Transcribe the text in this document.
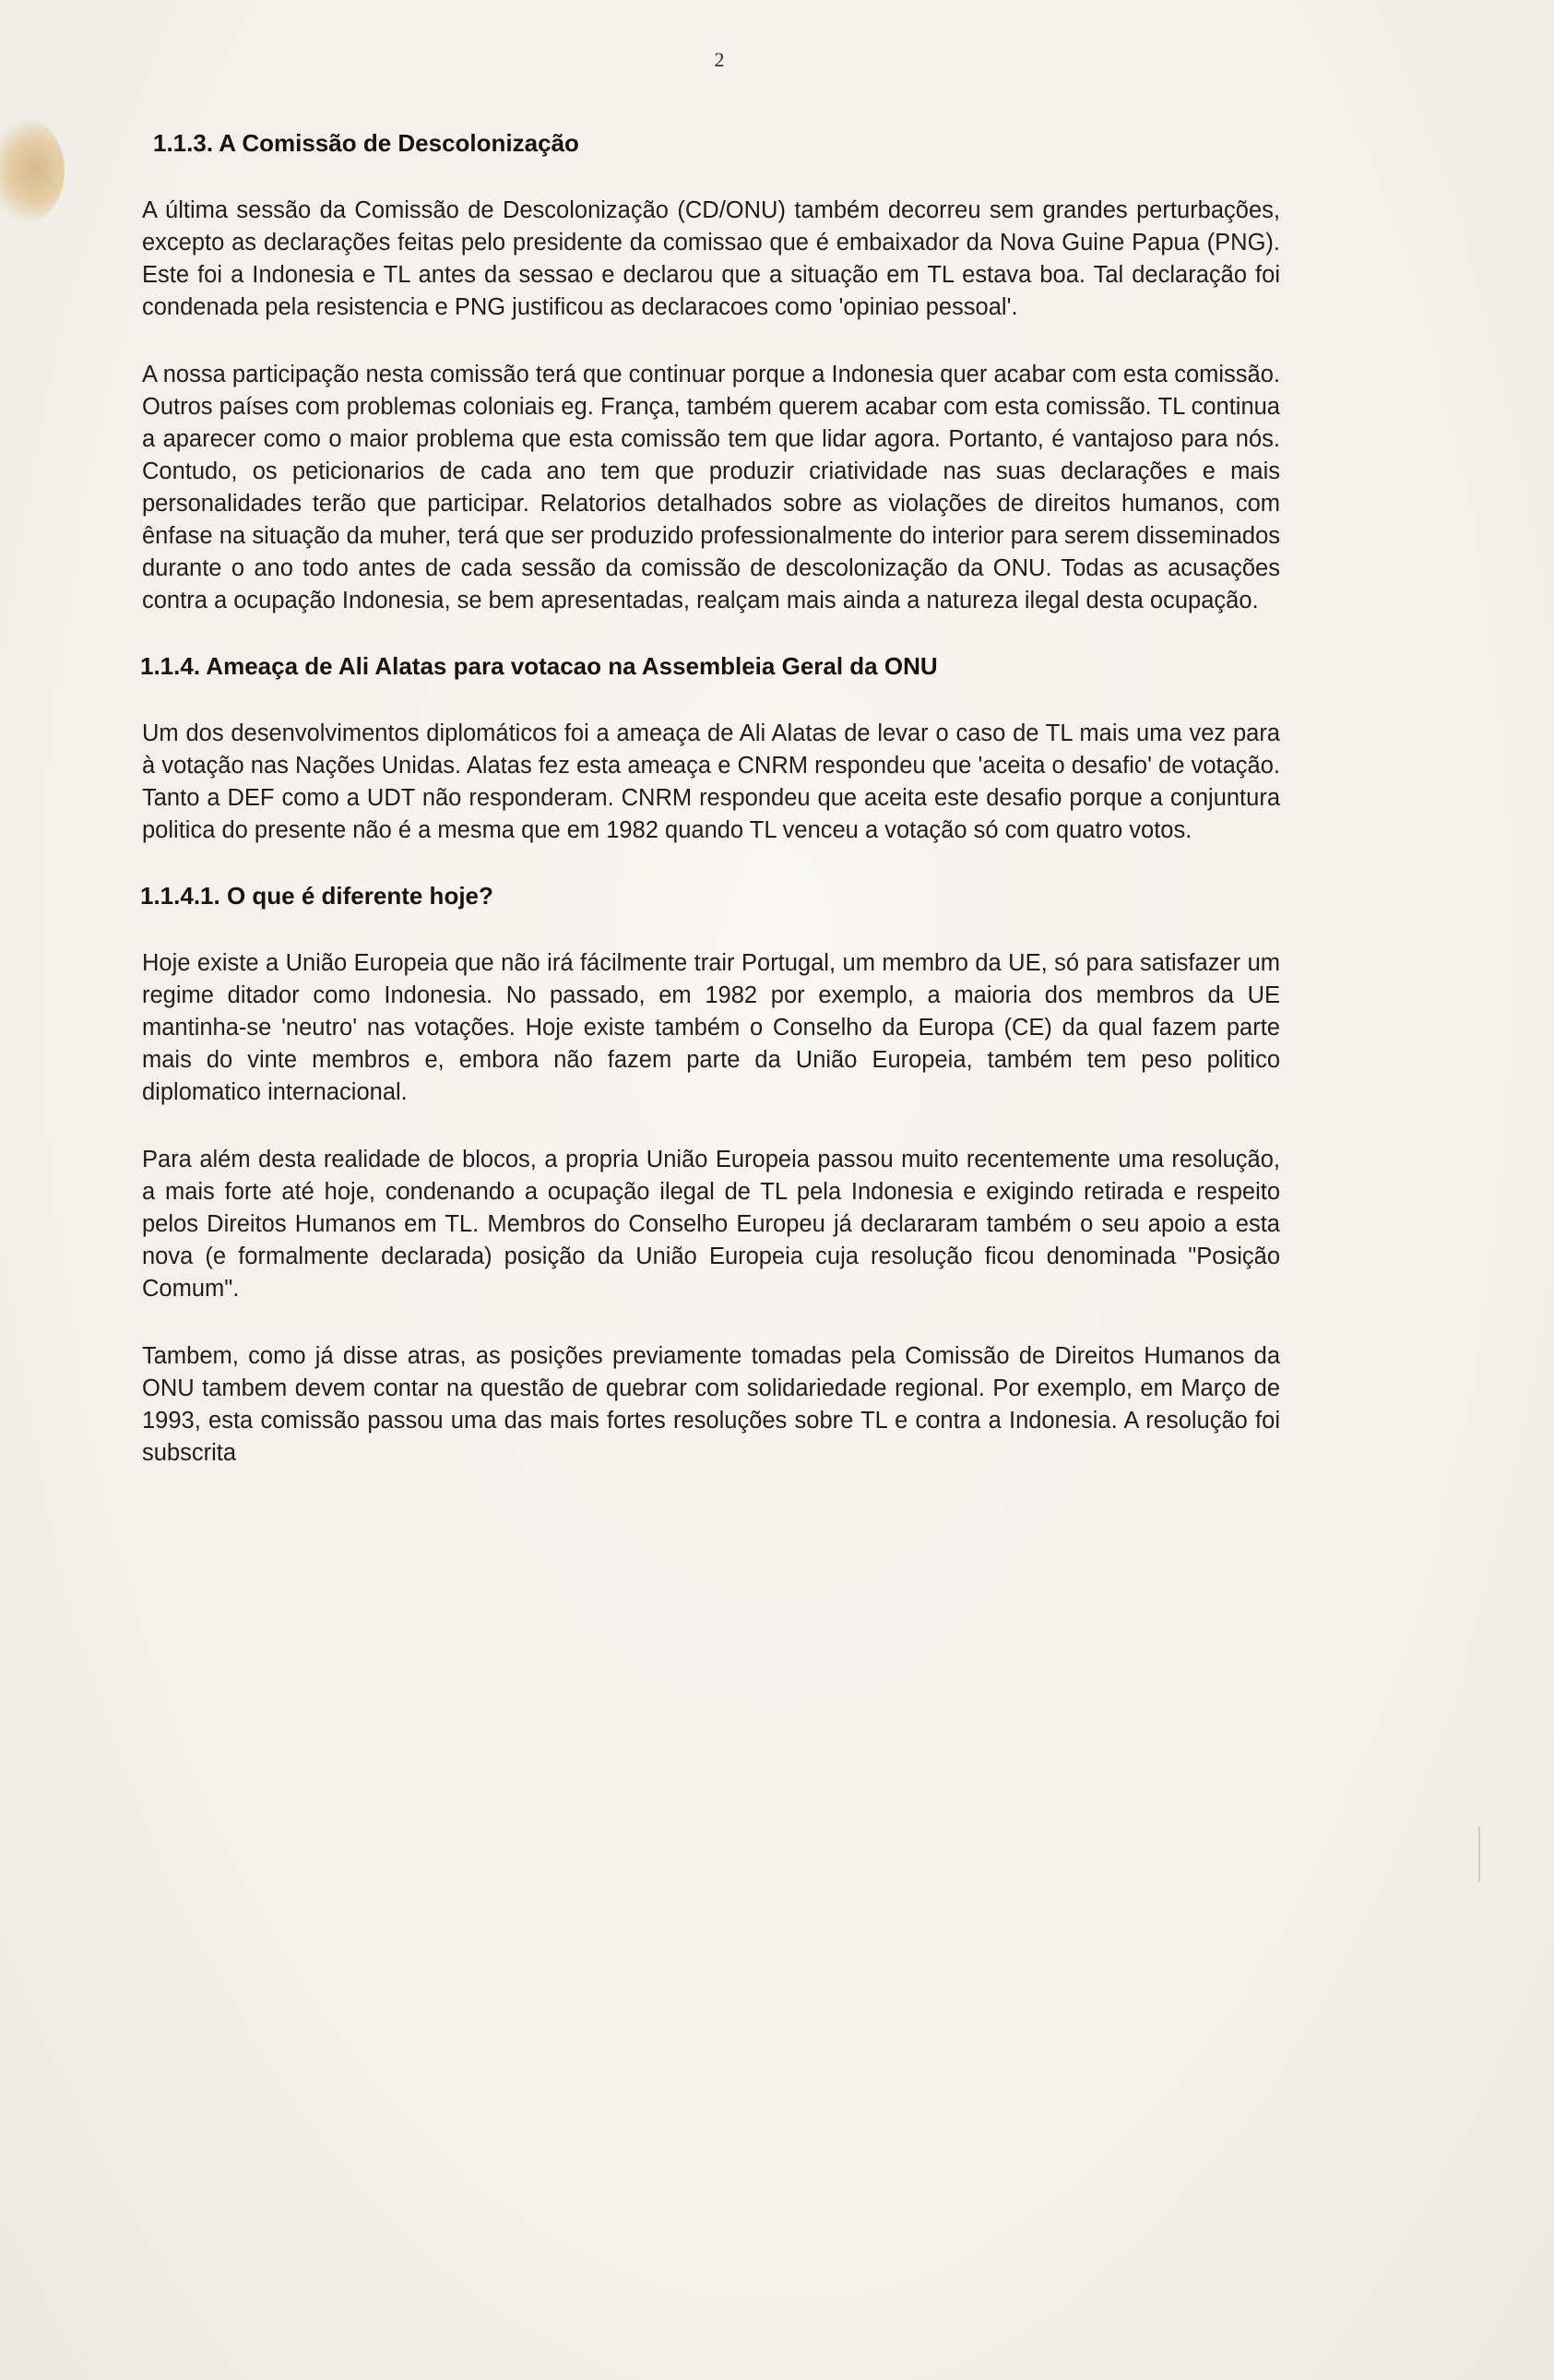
2
1.1.3. A Comissão de Descolonização

A última sessão da Comissão de Descolonização (CD/ONU) também decorreu sem grandes perturbações, excepto as declarações feitas pelo presidente da comissao que é embaixador da Nova Guine Papua (PNG). Este foi a Indonesia e TL antes da sessao e declarou que a situação em TL estava boa. Tal declaração foi condenada pela resistencia e PNG justificou as declaracoes como 'opiniao pessoal'.

A nossa participação nesta comissão terá que continuar porque a Indonesia quer acabar com esta comissão. Outros países com problemas coloniais eg. França, também querem acabar com esta comissão. TL continua a aparecer como o maior problema que esta comissão tem que lidar agora. Portanto, é vantajoso para nós. Contudo, os peticionarios de cada ano tem que produzir criatividade nas suas declarações e mais personalidades terão que participar. Relatorios detalhados sobre as violações de direitos humanos, com ênfase na situação da muher, terá que ser produzido professionalmente do interior para serem disseminados durante o ano todo antes de cada sessão da comissão de descolonização da ONU. Todas as acusações contra a ocupação Indonesia, se bem apresentadas, realçam mais ainda a natureza ilegal desta ocupação.

1.1.4. Ameaça de Ali Alatas para votacao na Assembleia Geral da ONU

Um dos desenvolvimentos diplomáticos foi a ameaça de Ali Alatas de levar o caso de TL mais uma vez para à votação nas Nações Unidas. Alatas fez esta ameaça e CNRM respondeu que 'aceita o desafio' de votação. Tanto a DEF como a UDT não responderam. CNRM respondeu que aceita este desafio porque a conjuntura politica do presente não é a mesma que em 1982 quando TL venceu a votação só com quatro votos.

1.1.4.1. O que é diferente hoje?

Hoje existe a União Europeia que não irá fácilmente trair Portugal, um membro da UE, só para satisfazer um regime ditador como Indonesia. No passado, em 1982 por exemplo, a maioria dos membros da UE mantinha-se 'neutro' nas votações. Hoje existe também o Conselho da Europa (CE) da qual fazem parte mais do vinte membros e, embora não fazem parte da União Europeia, também tem peso politico diplomatico internacional.

Para além desta realidade de blocos, a propria União Europeia passou muito recentemente uma resolução, a mais forte até hoje, condenando a ocupação ilegal de TL pela Indonesia e exigindo retirada e respeito pelos Direitos Humanos em TL. Membros do Conselho Europeu já declararam também o seu apoio a esta nova (e formalmente declarada) posição da União Europeia cuja resolução ficou denominada "Posição Comum".

Tambem, como já disse atras, as posições previamente tomadas pela Comissão de Direitos Humanos da ONU tambem devem contar na questão de quebrar com solidariedade regional. Por exemplo, em Março de 1993, esta comissão passou uma das mais fortes resoluções sobre TL e contra a Indonesia. A resolução foi subscrita
